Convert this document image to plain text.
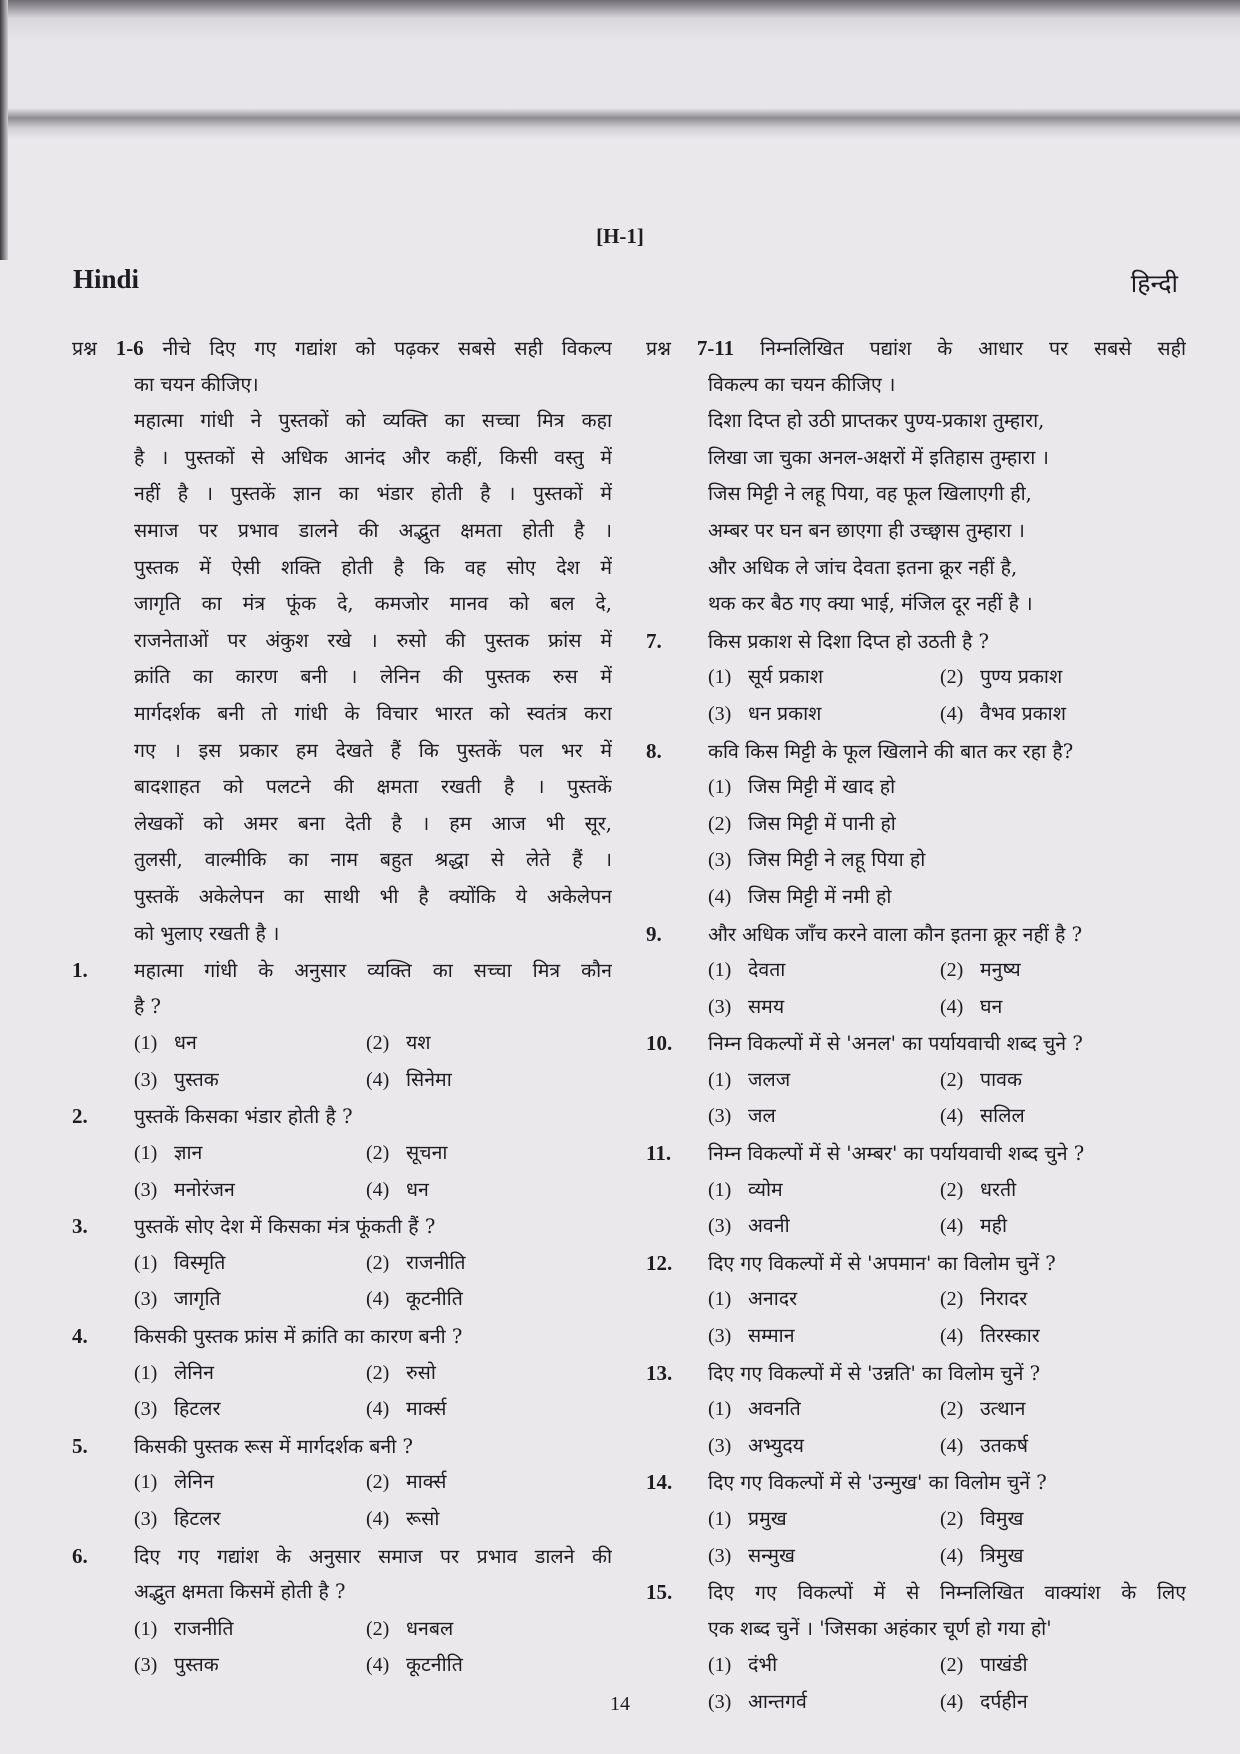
[H-1]
Hindi	हिन्दी
प्रश्न 1-6 नीचे दिए गए गद्यांश को पढ़कर सबसे सही विकल्प
का चयन कीजिए।
महात्मा गांधी ने पुस्तकों को व्यक्ति का सच्चा मित्र कहा
है । पुस्तकों से अधिक आनंद और कहीं, किसी वस्तु में
नहीं है । पुस्तकें ज्ञान का भंडार होती है । पुस्तकों में
समाज पर प्रभाव डालने की अद्भुत क्षमता होती है ।
पुस्तक में ऐसी शक्ति होती है कि वह सोए देश में
जागृति का मंत्र फूंक दे, कमजोर मानव को बल दे,
राजनेताओं पर अंकुश रखे । रुसो की पुस्तक फ्रांस में
क्रांति का कारण बनी । लेनिन की पुस्तक रुस में
मार्गदर्शक बनी तो गांधी के विचार भारत को स्वतंत्र करा
गए । इस प्रकार हम देखते हैं कि पुस्तकें पल भर में
बादशाहत को पलटने की क्षमता रखती है । पुस्तकें
लेखकों को अमर बना देती है । हम आज भी सूर,
तुलसी, वाल्मीकि का नाम बहुत श्रद्धा से लेते हैं ।
पुस्तकें अकेलेपन का साथी भी है क्योंकि ये अकेलेपन
को भुलाए रखती है ।
1. महात्मा गांधी के अनुसार व्यक्ति का सच्चा मित्र कौन
है ?
(1) धन	(2) यश
(3) पुस्तक	(4) सिनेमा
2. पुस्तकें किसका भंडार होती है ?
(1) ज्ञान	(2) सूचना
(3) मनोरंजन	(4) धन
3. पुस्तकें सोए देश में किसका मंत्र फूंकती हैं ?
(1) विस्मृति	(2) राजनीति
(3) जागृति	(4) कूटनीति
4. किसकी पुस्तक फ्रांस में क्रांति का कारण बनी ?
(1) लेनिन	(2) रुसो
(3) हिटलर	(4) मार्क्स
5. किसकी पुस्तक रूस में मार्गदर्शक बनी ?
(1) लेनिन	(2) मार्क्स
(3) हिटलर	(4) रूसो
6. दिए गए गद्यांश के अनुसार समाज पर प्रभाव डालने की
अद्भुत क्षमता किसमें होती है ?
(1) राजनीति	(2) धनबल
(3) पुस्तक	(4) कूटनीति
प्रश्न 7-11 निम्नलिखित पद्यांश के आधार पर सबसे सही
विकल्प का चयन कीजिए ।
दिशा दिप्त हो उठी प्राप्तकर पुण्य-प्रकाश तुम्हारा,
लिखा जा चुका अनल-अक्षरों में इतिहास तुम्हारा ।
जिस मिट्टी ने लहू पिया, वह फूल खिलाएगी ही,
अम्बर पर घन बन छाएगा ही उच्छ्वास तुम्हारा ।
और अधिक ले जांच देवता इतना क्रूर नहीं है,
थक कर बैठ गए क्या भाई, मंजिल दूर नहीं है ।
7. किस प्रकाश से दिशा दिप्त हो उठती है ?
(1) सूर्य प्रकाश	(2) पुण्य प्रकाश
(3) धन प्रकाश	(4) वैभव प्रकाश
8. कवि किस मिट्टी के फूल खिलाने की बात कर रहा है?
(1) जिस मिट्टी में खाद हो
(2) जिस मिट्टी में पानी हो
(3) जिस मिट्टी ने लहू पिया हो
(4) जिस मिट्टी में नमी हो
9. और अधिक जाँच करने वाला कौन इतना क्रूर नहीं है ?
(1) देवता	(2) मनुष्य
(3) समय	(4) घन
10. निम्न विकल्पों में से 'अनल' का पर्यायवाची शब्द चुने ?
(1) जलज	(2) पावक
(3) जल	(4) सलिल
11. निम्न विकल्पों में से 'अम्बर' का पर्यायवाची शब्द चुने ?
(1) व्योम	(2) धरती
(3) अवनी	(4) मही
12. दिए गए विकल्पों में से 'अपमान' का विलोम चुनें ?
(1) अनादर	(2) निरादर
(3) सम्मान	(4) तिरस्कार
13. दिए गए विकल्पों में से 'उन्नति' का विलोम चुनें ?
(1) अवनति	(2) उत्थान
(3) अभ्युदय	(4) उतकर्ष
14. दिए गए विकल्पों में से 'उन्मुख' का विलोम चुनें ?
(1) प्रमुख	(2) विमुख
(3) सन्मुख	(4) त्रिमुख
15. दिए गए विकल्पों में से निम्नलिखित वाक्यांश के लिए
एक शब्द चुनें । 'जिसका अहंकार चूर्ण हो गया हो'
(1) दंभी	(2) पाखंडी
(3) आन्तगर्व	(4) दर्पहीन
14
